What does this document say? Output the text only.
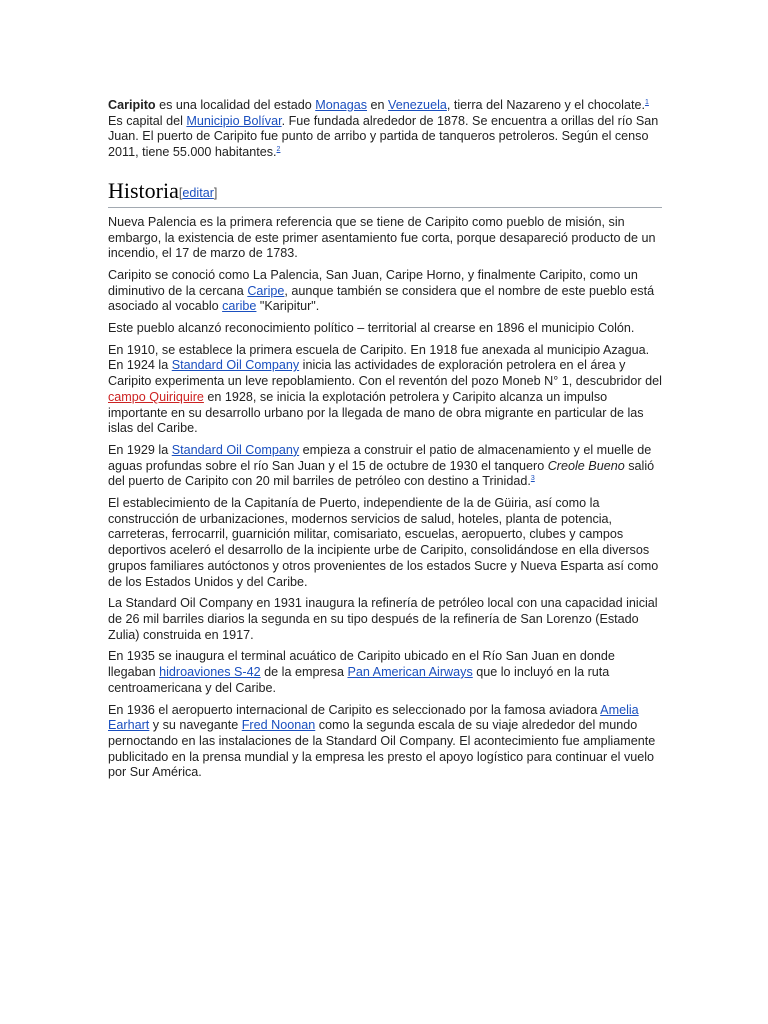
Caripito es una localidad del estado Monagas en Venezuela, tierra del Nazareno y el chocolate.$^1$ Es capital del Municipio Bolívar. Fue fundada alrededor de 1878. Se encuentra a orillas del río San Juan. El puerto de Caripito fue punto de arribo y partida de tanqueros petroleros. Según el censo 2011, tiene 55.000 habitantes.$^2$

Historia[editar]

Nueva Palencia es la primera referencia que se tiene de Caripito como pueblo de misión, sin embargo, la existencia de este primer asentamiento fue corta, porque desapareció producto de un incendio, el 17 de marzo de 1783.

Caripito se conoció como La Palencia, San Juan, Caripe Horno, y finalmente Caripito, como un diminutivo de la cercana Caripe, aunque también se considera que el nombre de este pueblo está asociado al vocablo caribe "Karipitur".

Este pueblo alcanzó reconocimiento político – territorial al crearse en 1896 el municipio Colón.

En 1910, se establece la primera escuela de Caripito. En 1918 fue anexada al municipio Azagua. En 1924 la Standard Oil Company inicia las actividades de exploración petrolera en el área y Caripito experimenta un leve repoblamiento. Con el reventón del pozo Moneb N° 1, descubridor del campo Quiriquire en 1928, se inicia la explotación petrolera y Caripito alcanza un impulso importante en su desarrollo urbano por la llegada de mano de obra migrante en particular de las islas del Caribe.

En 1929 la Standard Oil Company empieza a construir el patio de almacenamiento y el muelle de aguas profundas sobre el río San Juan y el 15 de octubre de 1930 el tanquero Creole Bueno salió del puerto de Caripito con 20 mil barriles de petróleo con destino a Trinidad.$^3$

El establecimiento de la Capitanía de Puerto, independiente de la de Güiria, así como la construcción de urbanizaciones, modernos servicios de salud, hoteles, planta de potencia, carreteras, ferrocarril, guarnición militar, comisariato, escuelas, aeropuerto, clubes y campos deportivos aceleró el desarrollo de la incipiente urbe de Caripito, consolidándose en ella diversos grupos familiares autóctonos y otros provenientes de los estados Sucre y Nueva Esparta así como de los Estados Unidos y del Caribe.

La Standard Oil Company en 1931 inaugura la refinería de petróleo local con una capacidad inicial de 26 mil barriles diarios la segunda en su tipo después de la refinería de San Lorenzo (Estado Zulia) construida en 1917.

En 1935 se inaugura el terminal acuático de Caripito ubicado en el Río San Juan en donde llegaban hidroaviones S-42 de la empresa Pan American Airways que lo incluyó en la ruta centroamericana y del Caribe.

En 1936 el aeropuerto internacional de Caripito es seleccionado por la famosa aviadora Amelia Earhart y su navegante Fred Noonan como la segunda escala de su viaje alrededor del mundo pernoctando en las instalaciones de la Standard Oil Company. El acontecimiento fue ampliamente publicitado en la prensa mundial y la empresa les presto el apoyo logístico para continuar el vuelo por Sur América.
